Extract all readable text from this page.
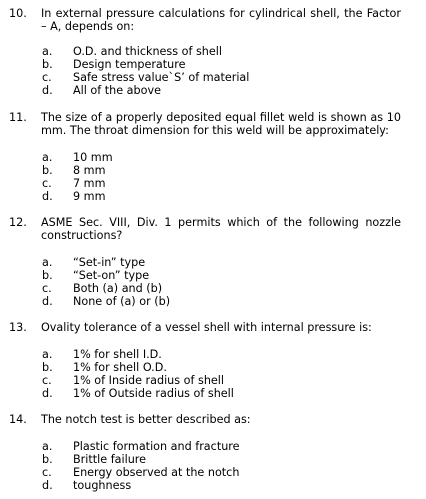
10. In external pressure calculations for cylindrical shell, the Factor – A, depends on:
a. O.D. and thickness of shell
b. Design temperature
c. Safe stress value`S’ of material
d. All of the above
11. The size of a properly deposited equal fillet weld is shown as 10 mm. The throat dimension for this weld will be approximately:
a. 10 mm
b. 8 mm
c. 7 mm
d. 9 mm
12. ASME Sec. VIII, Div. 1 permits which of the following nozzle constructions?
a. “Set-in” type
b. “Set-on” type
c. Both (a) and (b)
d. None of (a) or (b)
13. Ovality tolerance of a vessel shell with internal pressure is:
a. 1% for shell I.D.
b. 1% for shell O.D.
c. 1% of Inside radius of shell
d. 1% of Outside radius of shell
14. The notch test is better described as:
a. Plastic formation and fracture
b. Brittle failure
c. Energy observed at the notch
d. toughness
